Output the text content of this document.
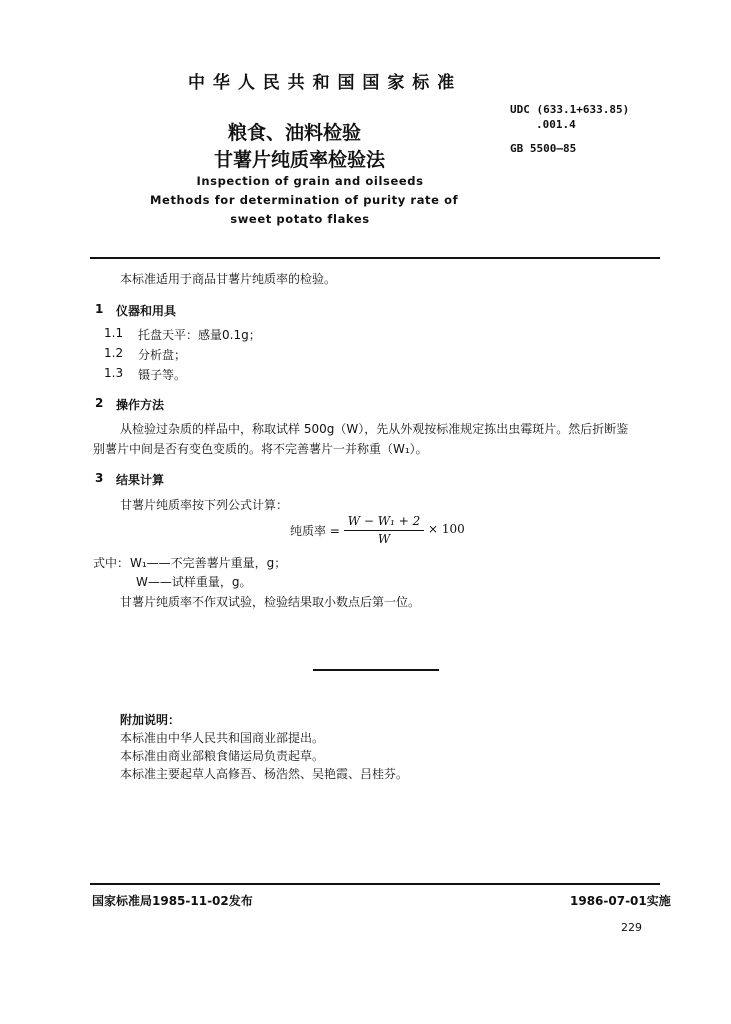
中 华 人 民 共 和 国 国 家 标 准
粮食、油料检验
甘薯片纯质率检验法
Inspection of grain and oilseeds
Methods for determination of purity rate of
sweet potato flakes
UDC (633.1+633.85)
.001.4
GB 5500—85
本标准适用于商品甘薯片纯质率的检验。
1 仪器和用具
1.1 托盘天平：感量0.1g；
1.2 分析盘；
1.3 镊子等。
2 操作方法
从检验过杂质的样品中，称取试样 500g（W），先从外观按标准规定拣出虫霉斑片。然后折断鉴
别薯片中间是否有变色变质的。将不完善薯片一并称重（W₁）。
3 结果计算
甘薯片纯质率按下列公式计算：
纯质率 =
W − W₁ + 2
W
× 100
式中： W₁——不完善薯片重量，g；
W——试样重量，g。
甘薯片纯质率不作双试验，检验结果取小数点后第一位。
附加说明：
本标准由中华人民共和国商业部提出。
本标准由商业部粮食储运局负责起草。
本标准主要起草人高修吾、杨浩然、吴艳霞、吕桂芬。
国家标准局1985-11-02发布	1986-07-01实施
229
